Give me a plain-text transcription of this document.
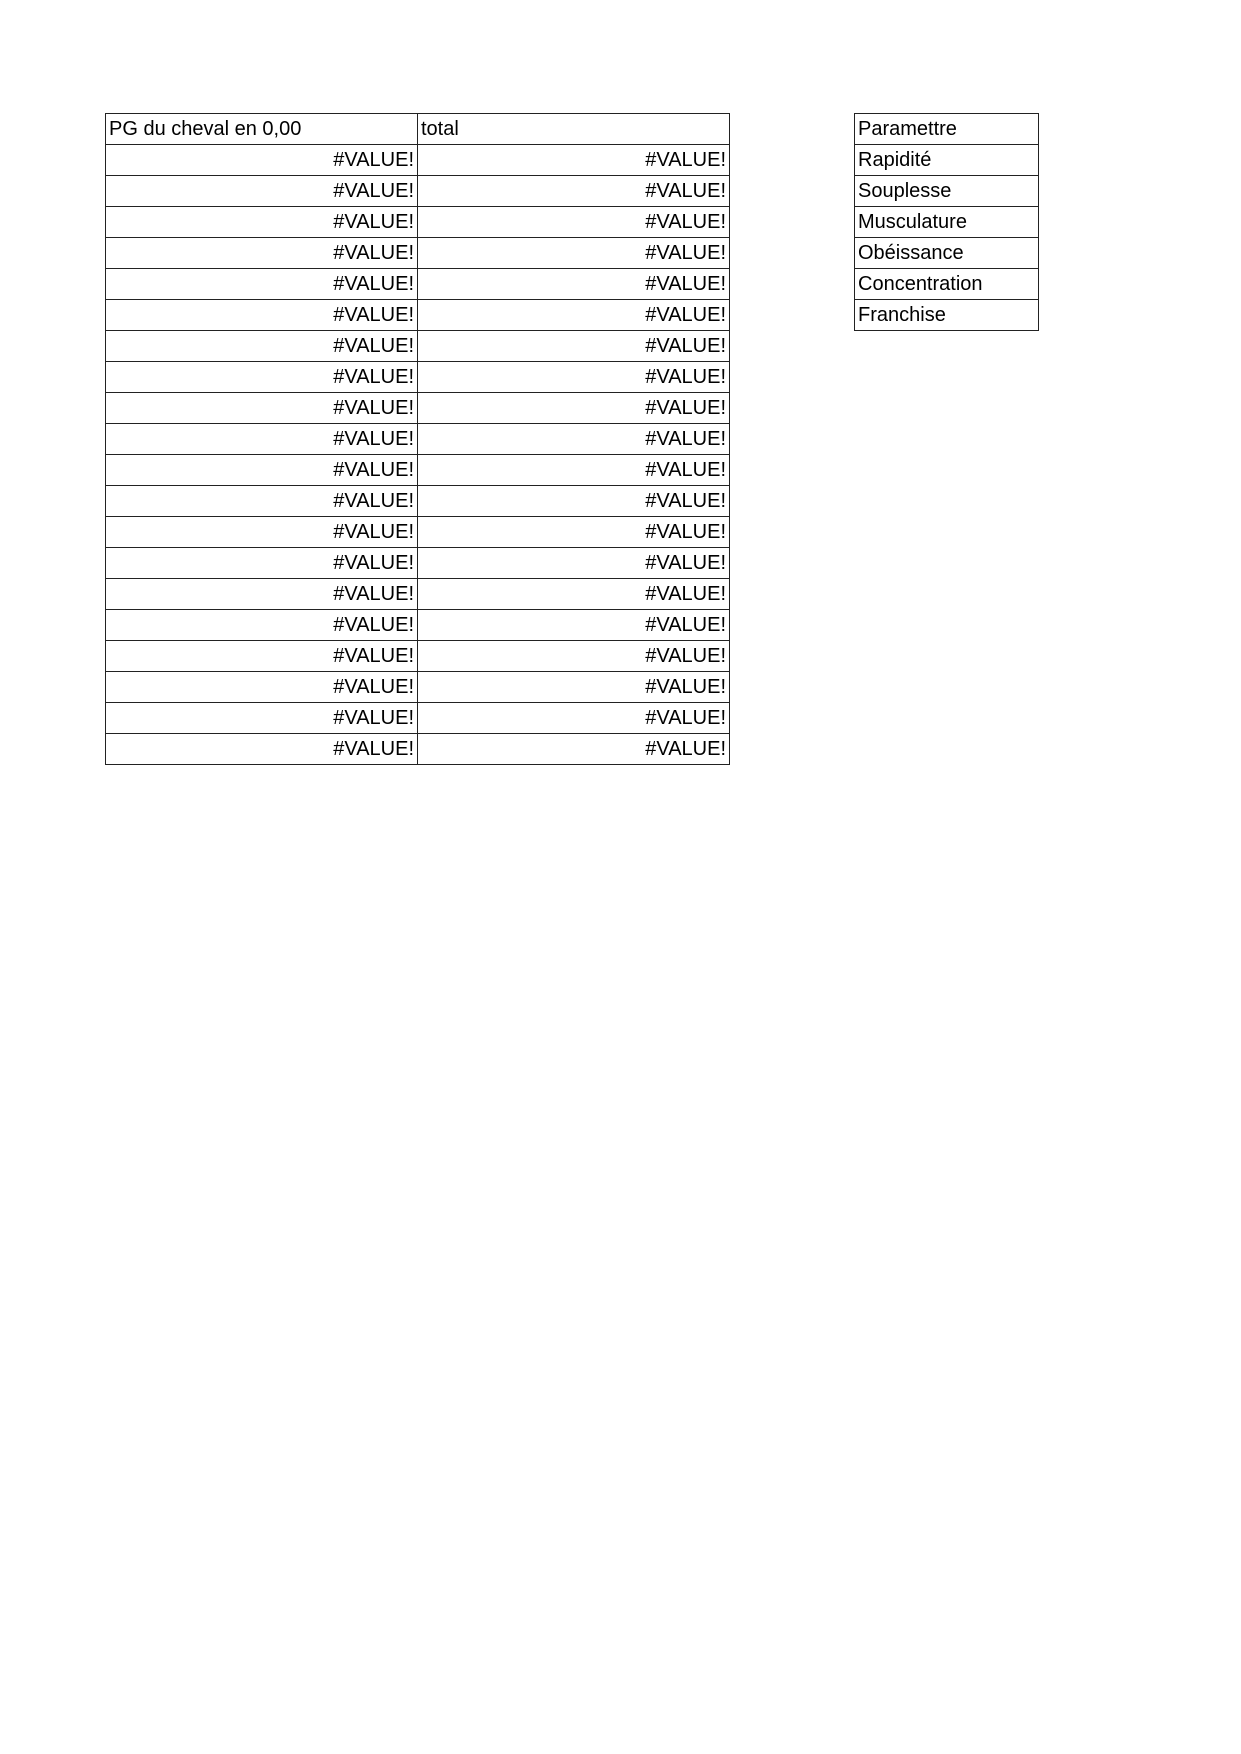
PG du cheval en 0,00	total
#VALUE!	#VALUE!
#VALUE!	#VALUE!
#VALUE!	#VALUE!
#VALUE!	#VALUE!
#VALUE!	#VALUE!
#VALUE!	#VALUE!
#VALUE!	#VALUE!
#VALUE!	#VALUE!
#VALUE!	#VALUE!
#VALUE!	#VALUE!
#VALUE!	#VALUE!
#VALUE!	#VALUE!
#VALUE!	#VALUE!
#VALUE!	#VALUE!
#VALUE!	#VALUE!
#VALUE!	#VALUE!
#VALUE!	#VALUE!
#VALUE!	#VALUE!
#VALUE!	#VALUE!
#VALUE!	#VALUE!
Paramettre
Rapidité
Souplesse
Musculature
Obéissance
Concentration
Franchise
